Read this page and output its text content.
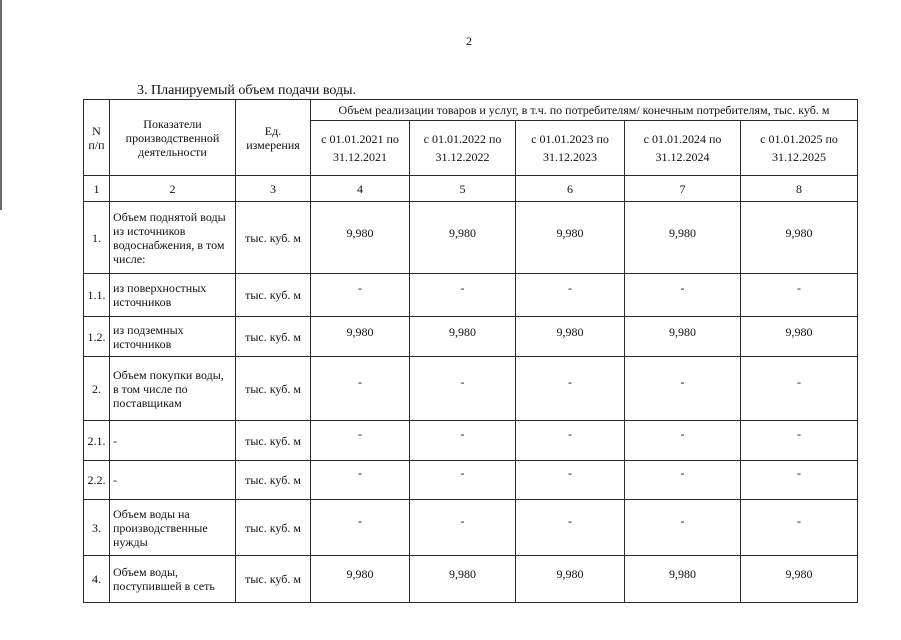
2
3. Планируемый объем подачи воды.
N п/п	Показатели производственной деятельности	Ед. измерения	Объем реализации товаров и услуг, в т.ч. по потребителям/ конечным потребителям, тыс. куб. м				
			с 01.01.2021 по 31.12.2021	с 01.01.2022 по 31.12.2022	с 01.01.2023 по 31.12.2023	с 01.01.2024 по 31.12.2024	с 01.01.2025 по 31.12.2025
1	2	3	4	5	6	7	8
1.	Объем поднятой воды из источников водоснабжения, в том числе:	тыс. куб. м	9,980	9,980	9,980	9,980	9,980
1.1.	из поверхностных источников	тыс. куб. м	-	-	-	-	-
1.2.	из подземных источников	тыс. куб. м	9,980	9,980	9,980	9,980	9,980
2.	Объем покупки воды, в том числе по поставщикам	тыс. куб. м	-	-	-	-	-
2.1.	-	тыс. куб. м	-	-	-	-	-
2.2.	-	тыс. куб. м	-	-	-	-	-
3.	Объем воды на производственные нужды	тыс. куб. м	-	-	-	-	-
4.	Объем воды, поступившей в сеть	тыс. куб. м	9,980	9,980	9,980	9,980	9,980
